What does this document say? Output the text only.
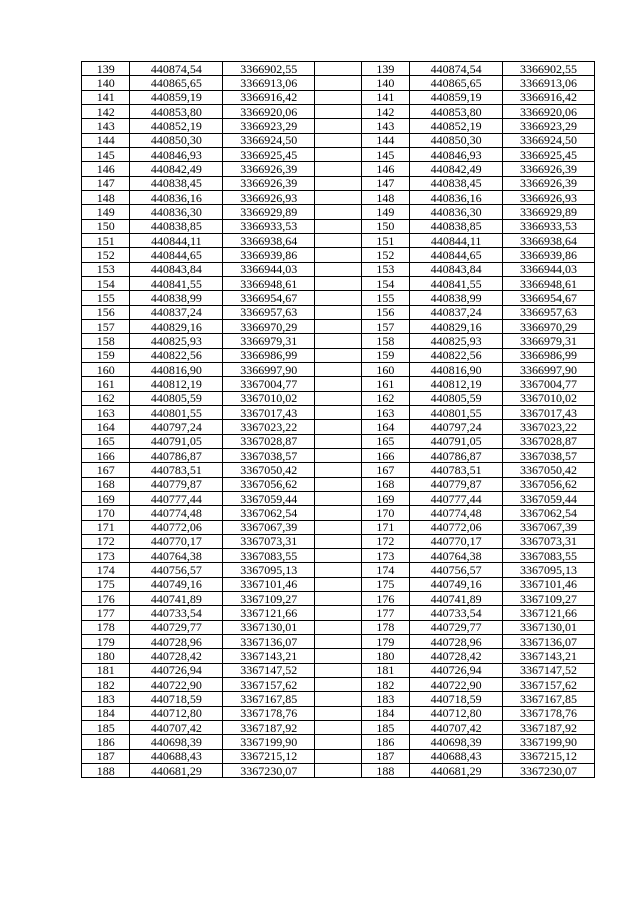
139	440874,54	3366902,55		139	440874,54	3366902,55
140	440865,65	3366913,06		140	440865,65	3366913,06
141	440859,19	3366916,42		141	440859,19	3366916,42
142	440853,80	3366920,06		142	440853,80	3366920,06
143	440852,19	3366923,29		143	440852,19	3366923,29
144	440850,30	3366924,50		144	440850,30	3366924,50
145	440846,93	3366925,45		145	440846,93	3366925,45
146	440842,49	3366926,39		146	440842,49	3366926,39
147	440838,45	3366926,39		147	440838,45	3366926,39
148	440836,16	3366926,93		148	440836,16	3366926,93
149	440836,30	3366929,89		149	440836,30	3366929,89
150	440838,85	3366933,53		150	440838,85	3366933,53
151	440844,11	3366938,64		151	440844,11	3366938,64
152	440844,65	3366939,86		152	440844,65	3366939,86
153	440843,84	3366944,03		153	440843,84	3366944,03
154	440841,55	3366948,61		154	440841,55	3366948,61
155	440838,99	3366954,67		155	440838,99	3366954,67
156	440837,24	3366957,63		156	440837,24	3366957,63
157	440829,16	3366970,29		157	440829,16	3366970,29
158	440825,93	3366979,31		158	440825,93	3366979,31
159	440822,56	3366986,99		159	440822,56	3366986,99
160	440816,90	3366997,90		160	440816,90	3366997,90
161	440812,19	3367004,77		161	440812,19	3367004,77
162	440805,59	3367010,02		162	440805,59	3367010,02
163	440801,55	3367017,43		163	440801,55	3367017,43
164	440797,24	3367023,22		164	440797,24	3367023,22
165	440791,05	3367028,87		165	440791,05	3367028,87
166	440786,87	3367038,57		166	440786,87	3367038,57
167	440783,51	3367050,42		167	440783,51	3367050,42
168	440779,87	3367056,62		168	440779,87	3367056,62
169	440777,44	3367059,44		169	440777,44	3367059,44
170	440774,48	3367062,54		170	440774,48	3367062,54
171	440772,06	3367067,39		171	440772,06	3367067,39
172	440770,17	3367073,31		172	440770,17	3367073,31
173	440764,38	3367083,55		173	440764,38	3367083,55
174	440756,57	3367095,13		174	440756,57	3367095,13
175	440749,16	3367101,46		175	440749,16	3367101,46
176	440741,89	3367109,27		176	440741,89	3367109,27
177	440733,54	3367121,66		177	440733,54	3367121,66
178	440729,77	3367130,01		178	440729,77	3367130,01
179	440728,96	3367136,07		179	440728,96	3367136,07
180	440728,42	3367143,21		180	440728,42	3367143,21
181	440726,94	3367147,52		181	440726,94	3367147,52
182	440722,90	3367157,62		182	440722,90	3367157,62
183	440718,59	3367167,85		183	440718,59	3367167,85
184	440712,80	3367178,76		184	440712,80	3367178,76
185	440707,42	3367187,92		185	440707,42	3367187,92
186	440698,39	3367199,90		186	440698,39	3367199,90
187	440688,43	3367215,12		187	440688,43	3367215,12
188	440681,29	3367230,07		188	440681,29	3367230,07
